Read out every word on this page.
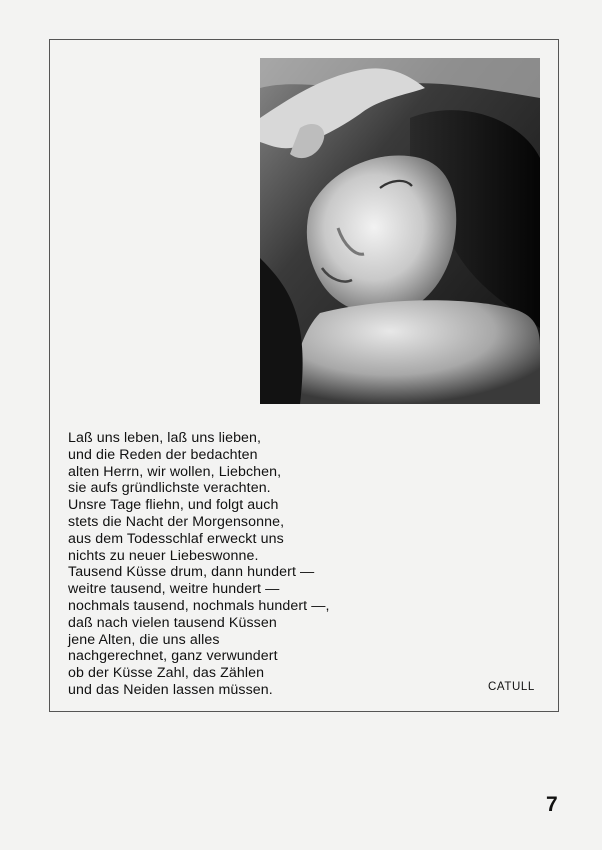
Laß uns leben, laß uns lieben,
und die Reden der bedachten
alten Herrn, wir wollen, Liebchen,
sie aufs gründlichste verachten.
Unsre Tage fliehn, und folgt auch
stets die Nacht der Morgensonne,
aus dem Todesschlaf erweckt uns
nichts zu neuer Liebeswonne.
Tausend Küsse drum, dann hundert —
weitre tausend, weitre hundert —
nochmals tausend, nochmals hundert —,
daß nach vielen tausend Küssen
jene Alten, die uns alles
nachgerechnet, ganz verwundert
ob der Küsse Zahl, das Zählen
und das Neiden lassen müssen.	CATULL
7
